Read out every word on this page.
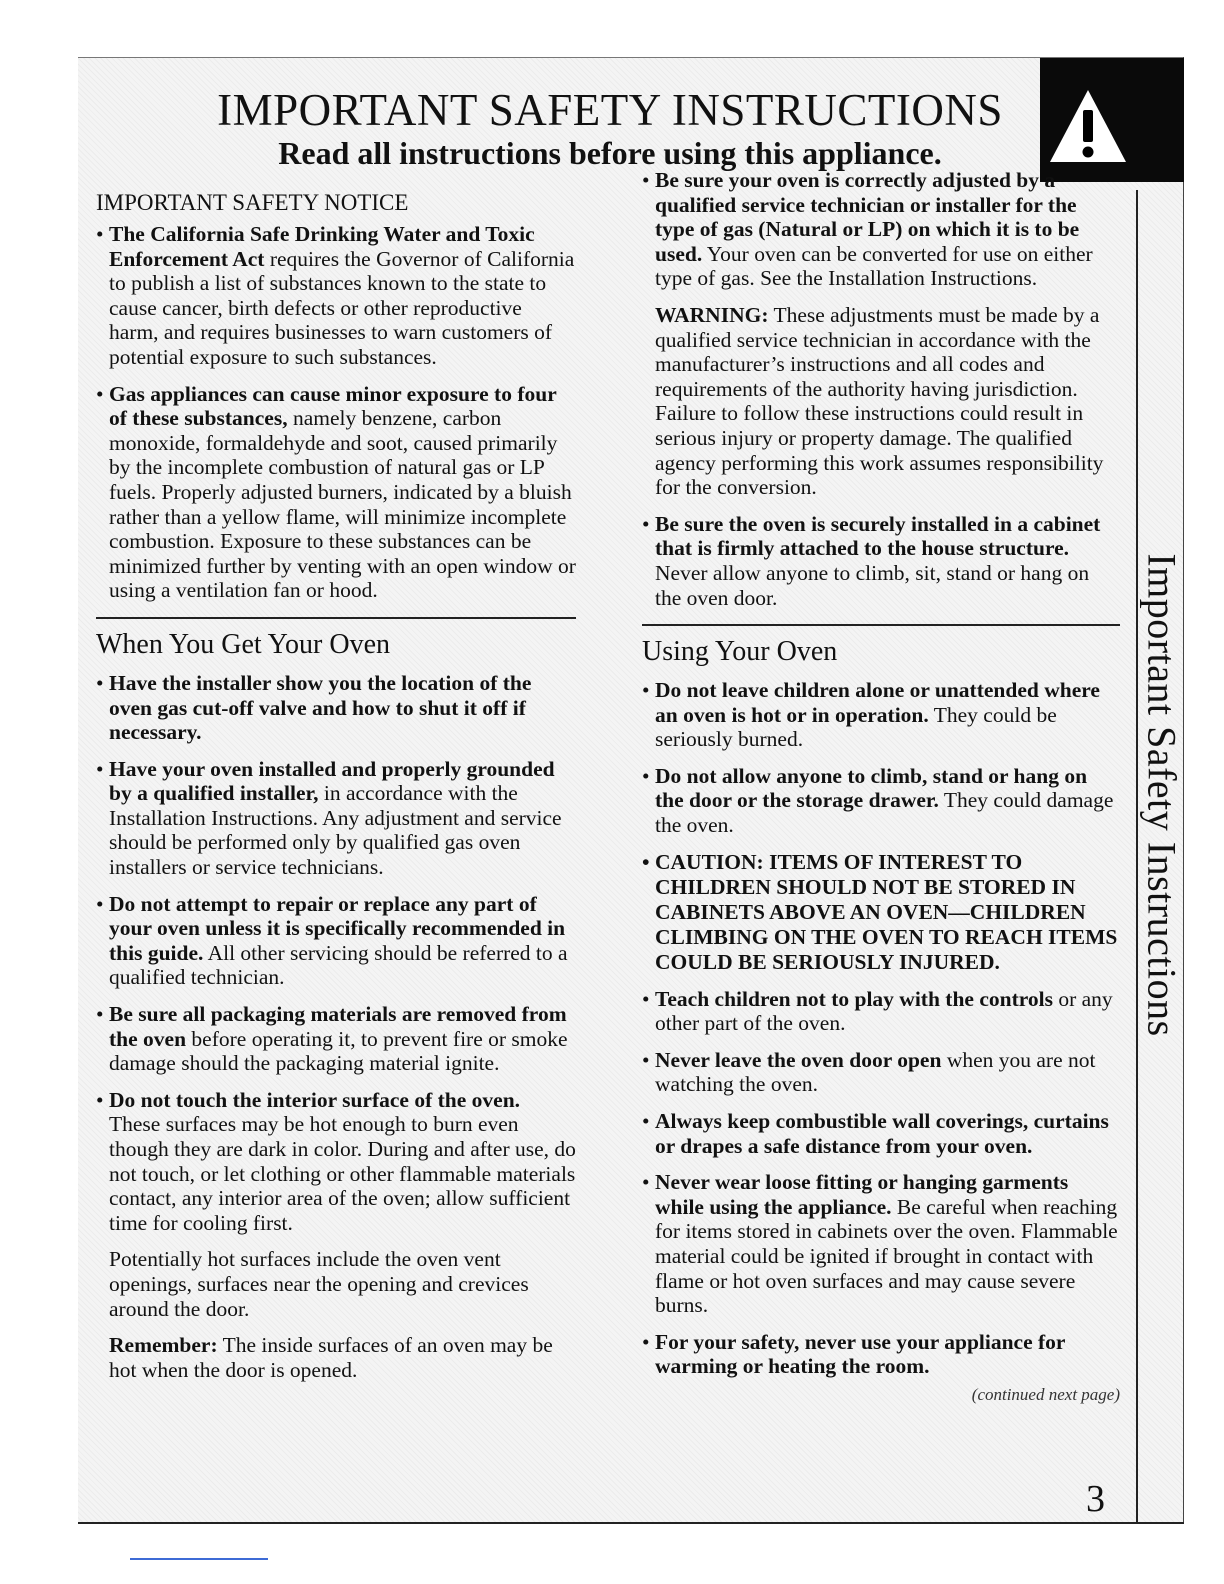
IMPORTANT SAFETY INSTRUCTIONS
Read all instructions before using this appliance.
Important Safety Instructions
IMPORTANT SAFETY NOTICE

• The California Safe Drinking Water and Toxic Enforcement Act requires the Governor of California to publish a list of substances known to the state to cause cancer, birth defects or other reproductive harm, and requires businesses to warn customers of potential exposure to such substances.

• Gas appliances can cause minor exposure to four of these substances, namely benzene, carbon monoxide, formaldehyde and soot, caused primarily by the incomplete combustion of natural gas or LP fuels. Properly adjusted burners, indicated by a bluish rather than a yellow flame, will minimize incomplete combustion. Exposure to these substances can be minimized further by venting with an open window or using a ventilation fan or hood.

When You Get Your Oven

• Have the installer show you the location of the oven gas cut-off valve and how to shut it off if necessary.

• Have your oven installed and properly grounded by a qualified installer, in accordance with the Installation Instructions. Any adjustment and service should be performed only by qualified gas oven installers or service technicians.

• Do not attempt to repair or replace any part of your oven unless it is specifically recommended in this guide. All other servicing should be referred to a qualified technician.

• Be sure all packaging materials are removed from the oven before operating it, to prevent fire or smoke damage should the packaging material ignite.

• Do not touch the interior surface of the oven. These surfaces may be hot enough to burn even though they are dark in color. During and after use, do not touch, or let clothing or other flammable materials contact, any interior area of the oven; allow sufficient time for cooling first.

Potentially hot surfaces include the oven vent openings, surfaces near the opening and crevices around the door.

Remember: The inside surfaces of an oven may be hot when the door is opened.

• Be sure your oven is correctly adjusted by a qualified service technician or installer for the type of gas (Natural or LP) on which it is to be used. Your oven can be converted for use on either type of gas. See the Installation Instructions.

WARNING: These adjustments must be made by a qualified service technician in accordance with the manufacturer’s instructions and all codes and requirements of the authority having jurisdiction. Failure to follow these instructions could result in serious injury or property damage. The qualified agency performing this work assumes responsibility for the conversion.

• Be sure the oven is securely installed in a cabinet that is firmly attached to the house structure. Never allow anyone to climb, sit, stand or hang on the oven door.

Using Your Oven

• Do not leave children alone or unattended where an oven is hot or in operation. They could be seriously burned.

• Do not allow anyone to climb, stand or hang on the door or the storage drawer. They could damage the oven.

• CAUTION: ITEMS OF INTEREST TO CHILDREN SHOULD NOT BE STORED IN CABINETS ABOVE AN OVEN—CHILDREN CLIMBING ON THE OVEN TO REACH ITEMS COULD BE SERIOUSLY INJURED.

• Teach children not to play with the controls or any other part of the oven.

• Never leave the oven door open when you are not watching the oven.

• Always keep combustible wall coverings, curtains or drapes a safe distance from your oven.

• Never wear loose fitting or hanging garments while using the appliance. Be careful when reaching for items stored in cabinets over the oven. Flammable material could be ignited if brought in contact with flame or hot oven surfaces and may cause severe burns.

• For your safety, never use your appliance for warming or heating the room.

(continued next page)

3
